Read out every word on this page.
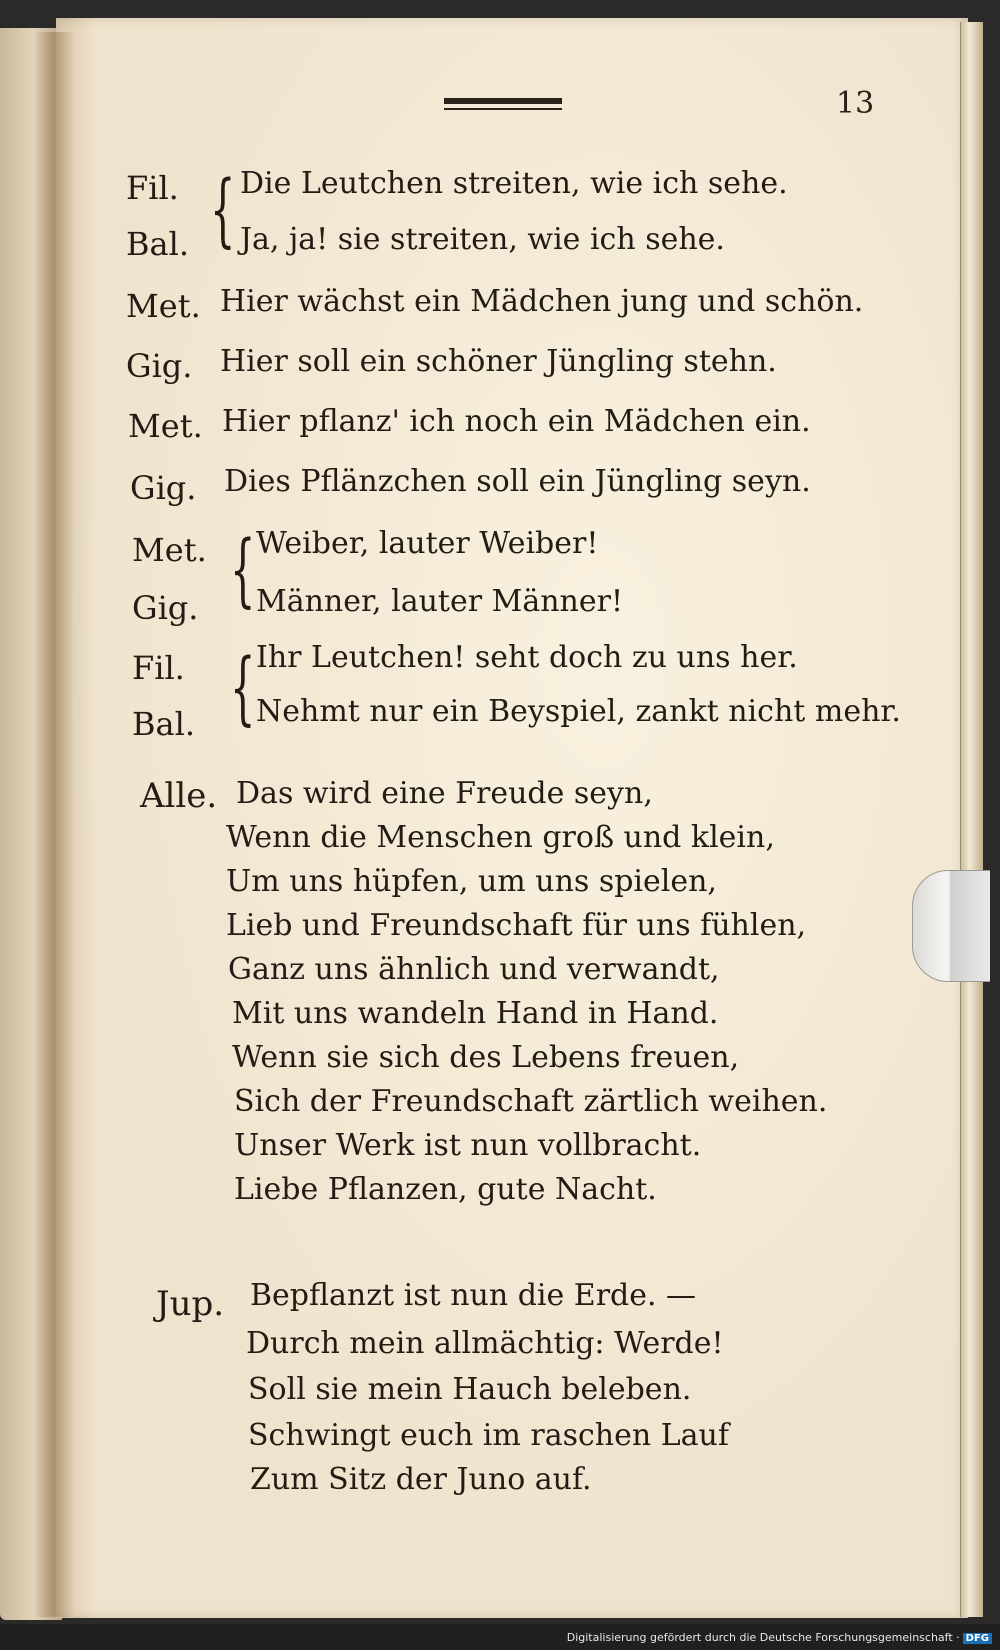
13
Fil. Die Leutchen streiten, wie ich sehe.
Bal. Ja, ja! sie streiten, wie ich sehe.
{
Met. Hier wächst ein Mädchen jung und schön.
Gig. Hier soll ein schöner Jüngling stehn.
Met. Hier pflanz' ich noch ein Mädchen ein.
Gig. Dies Pflänzchen soll ein Jüngling seyn.
Met. Weiber, lauter Weiber!
Gig. Männer, lauter Männer!
{
Fil. Ihr Leutchen! seht doch zu uns her.
Bal. Nehmt nur ein Beyspiel, zankt nicht mehr.
{
Alle. Das wird eine Freude seyn,
Wenn die Menschen groß und klein,
Um uns hüpfen, um uns spielen,
Lieb und Freundschaft für uns fühlen,
Ganz uns ähnlich und verwandt,
Mit uns wandeln Hand in Hand.
Wenn sie sich des Lebens freuen,
Sich der Freundschaft zärtlich weihen.
Unser Werk ist nun vollbracht.
Liebe Pflanzen, gute Nacht.
Jup. Bepflanzt ist nun die Erde. —
Durch mein allmächtig: Werde!
Soll sie mein Hauch beleben.
Schwingt euch im raschen Lauf
Zum Sitz der Juno auf.
Digitalisierung gefördert durch die Deutsche Forschungsgemeinschaft · DFG
